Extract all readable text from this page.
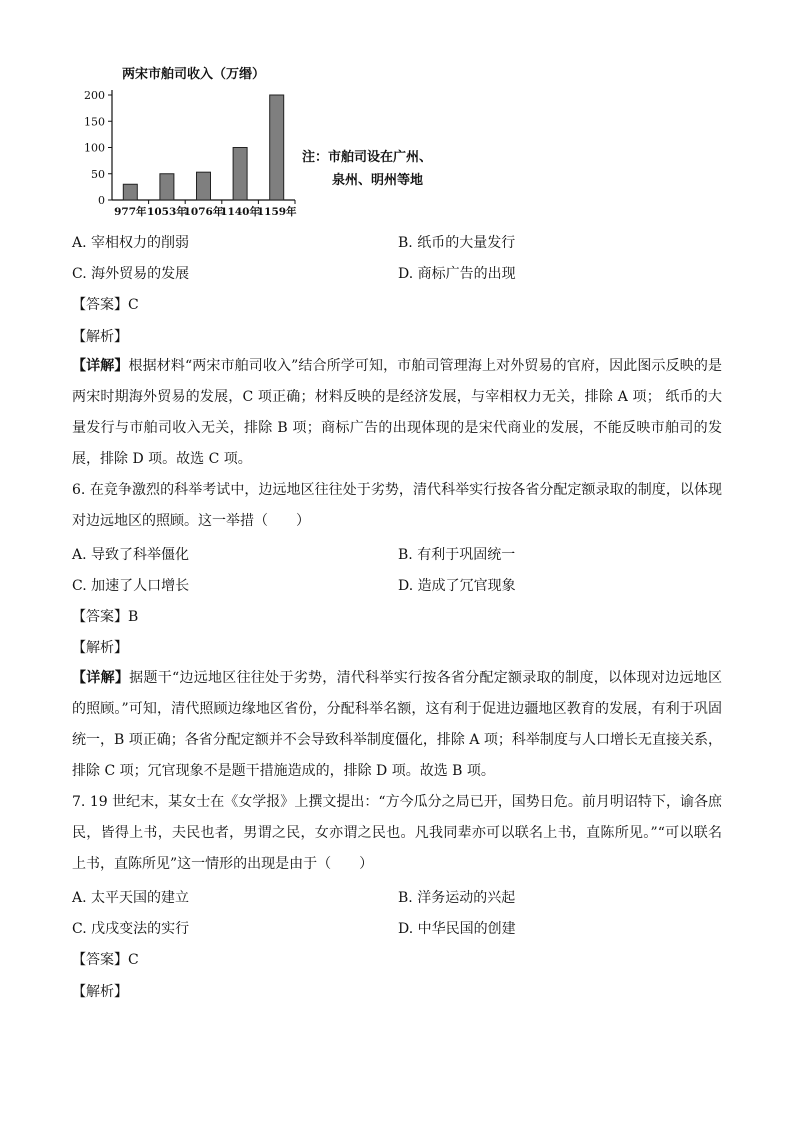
两宋市舶司收入（万缗）
0
50
100
150
200
977年 1053年
1076年
1140年
1159年
注：市舶司设在广州、
泉州、明州等地
A. 宰相权力的削弱	B. 纸币的大量发行
C. 海外贸易的发展	D. 商标广告的出现
【答案】C
【解析】
【详解】根据材料“两宋市舶司收入”结合所学可知，市舶司管理海上对外贸易的官府，因此图示反映的是两宋时期海外贸易的发展，C 项正确；材料反映的是经济发展，与宰相权力无关，排除 A 项； 纸币的大量发行与市舶司收入无关，排除 B 项；商标广告的出现体现的是宋代商业的发展，不能反映市舶司的发展，排除 D 项。故选 C 项。
6. 在竞争激烈的科举考试中，边远地区往往处于劣势，清代科举实行按各省分配定额录取的制度，以体现对边远地区的照顾。这一举措（　　）
A. 导致了科举僵化	B. 有利于巩固统一
C. 加速了人口增长	D. 造成了冗官现象
【答案】B
【解析】
【详解】据题干“边远地区往往处于劣势，清代科举实行按各省分配定额录取的制度，以体现对边远地区的照顾。”可知，清代照顾边缘地区省份，分配科举名额，这有利于促进边疆地区教育的发展，有利于巩固统一，B 项正确；各省分配定额并不会导致科举制度僵化，排除 A 项；科举制度与人口增长无直接关系，排除 C 项；冗官现象不是题干措施造成的，排除 D 项。故选 B 项。
7. 19 世纪末，某女士在《女学报》上撰文提出：“方今瓜分之局已开，国势日危。前月明诏特下，谕各庶民，皆得上书，夫民也者，男谓之民，女亦谓之民也。凡我同辈亦可以联名上书，直陈所见。”“可以联名上书，直陈所见”这一情形的出现是由于（　　）
A. 太平天国的建立	B. 洋务运动的兴起
C. 戊戌变法的实行	D. 中华民国的创建
【答案】C
【解析】
